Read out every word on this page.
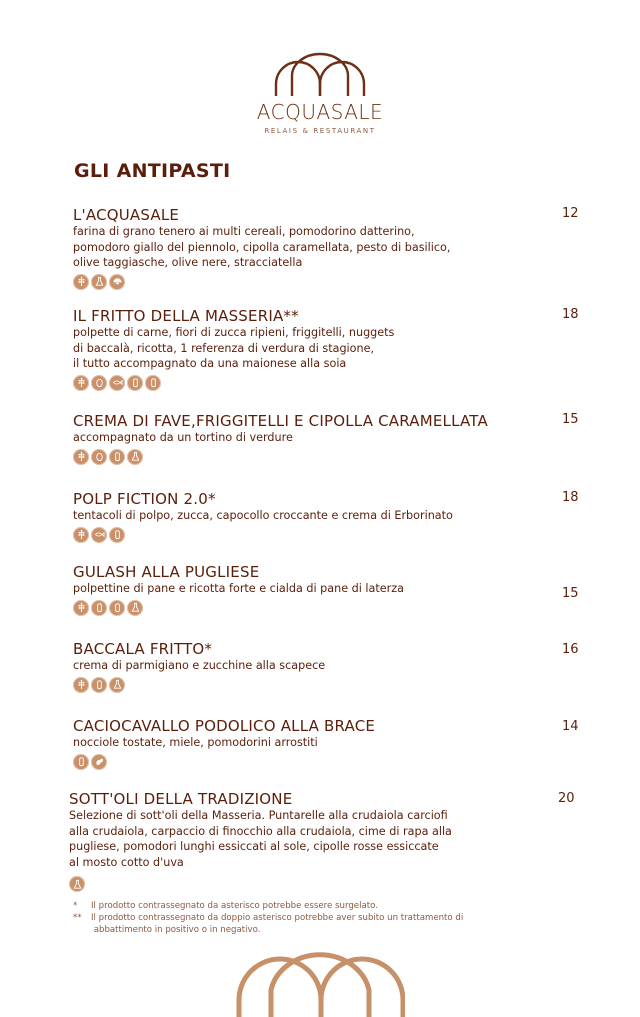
ACQUASALE
RELAIS & RESTAURANT
GLI ANTIPASTI
L'ACQUASALE
farina di grano tenero ai multi cereali, pomodorino datterino,
pomodoro giallo del piennolo, cipolla caramellata, pesto di basilico,
olive taggiasche, olive nere, stracciatella
12
IL FRITTO DELLA MASSERIA**
polpette di carne, fiori di zucca ripieni, friggitelli, nuggets
di baccalà, ricotta, 1 referenza di verdura di stagione,
il tutto accompagnato da una maionese alla soia
18
CREMA DI FAVE,FRIGGITELLI E CIPOLLA CARAMELLATA
accompagnato da un tortino di verdure
15
POLP FICTION 2.0*
tentacoli di polpo, zucca, capocollo croccante e crema di Erborinato
18
GULASH ALLA PUGLIESE
polpettine di pane e ricotta forte e cialda di pane di laterza	15
BACCALA FRITTO*
crema di parmigiano e zucchine alla scapece
16
CACIOCAVALLO PODOLICO ALLA BRACE
nocciole tostate, miele, pomodorini arrostiti
14
SOTT'OLI DELLA TRADIZIONE
Selezione di sott'oli della Masseria. Puntarelle alla crudaiola carciofi
alla crudaiola, carpaccio di finocchio alla crudaiola, cime di rapa alla
pugliese, pomodori lunghi essiccati al sole, cipolle rosse essiccate
al mosto cotto d'uva
20
*	Il prodotto contrassegnato da asterisco potrebbe essere surgelato.
**	Il prodotto contrassegnato da doppio asterisco potrebbe aver subito un trattamento di
abbattimento in positivo o in negativo.
